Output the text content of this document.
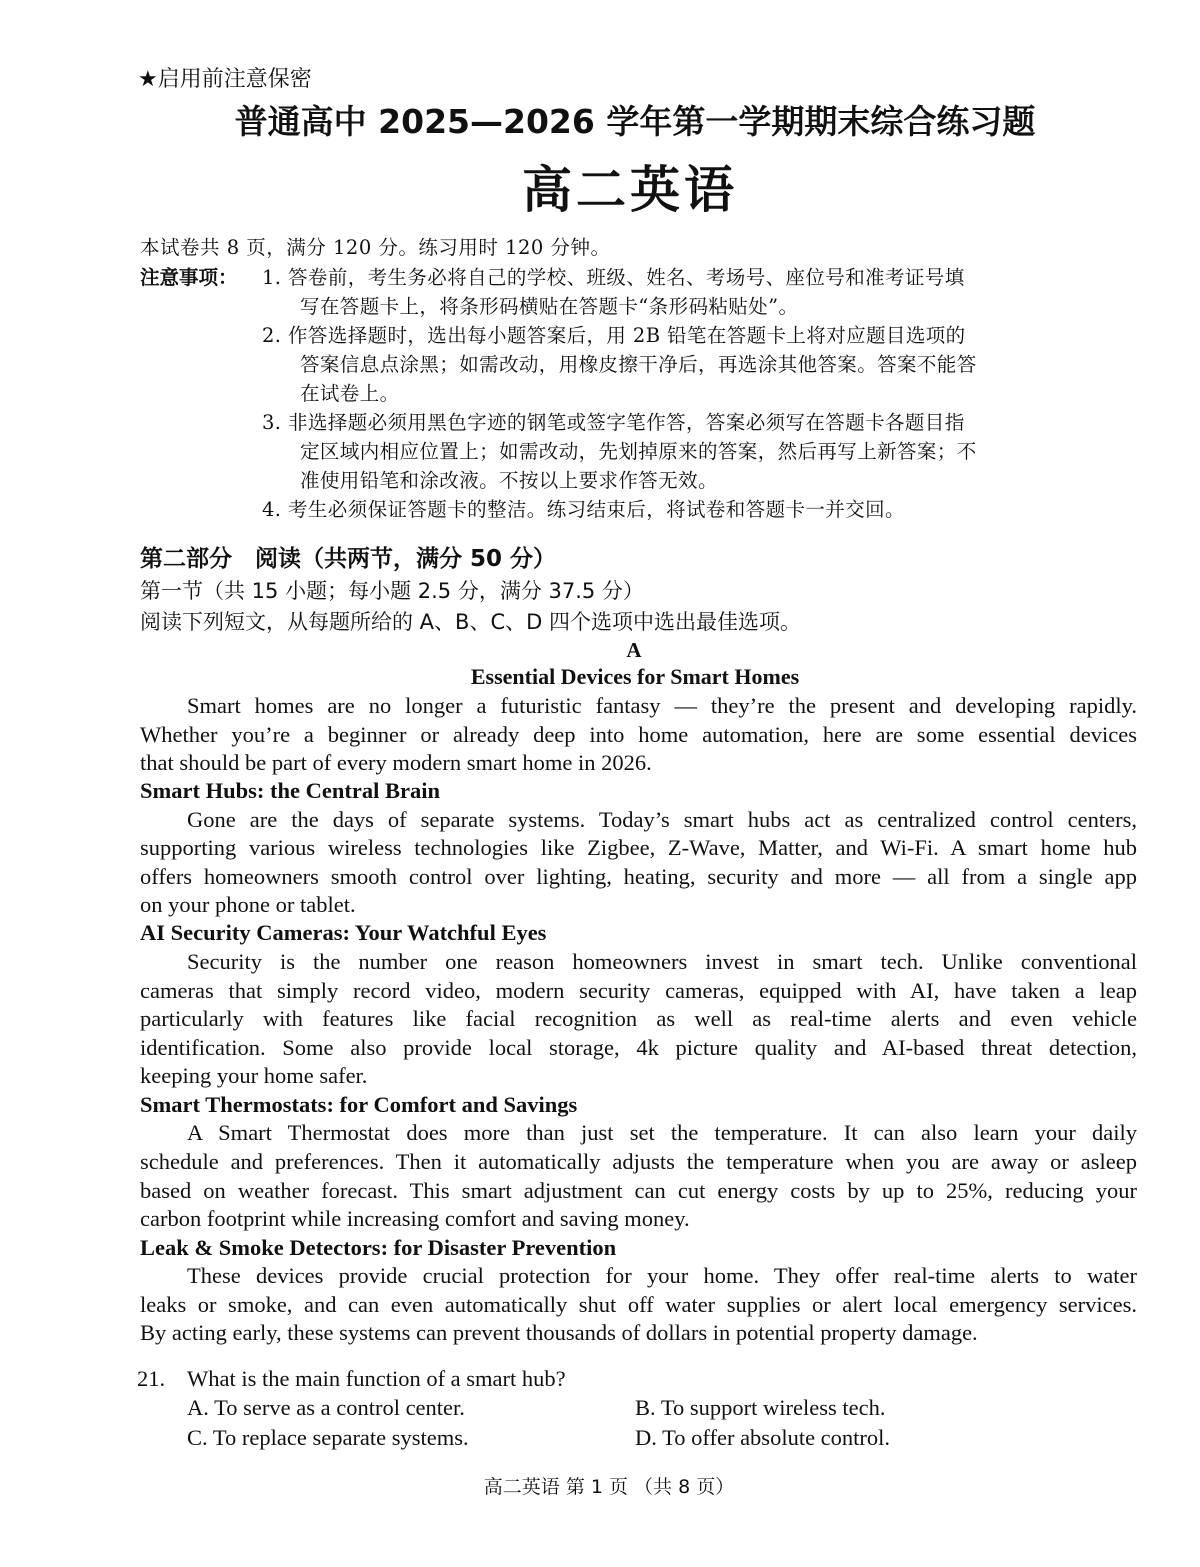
★启用前注意保密
普通高中 2025—2026 学年第一学期期末综合练习题
高二英语
本试卷共 8 页，满分 120 分。练习用时 120 分钟。
注意事项： 1. 答卷前，考生务必将自己的学校、班级、姓名、考场号、座位号和准考证号填
写在答题卡上，将条形码横贴在答题卡“条形码粘贴处”。
2. 作答选择题时，选出每小题答案后，用 2B 铅笔在答题卡上将对应题目选项的
答案信息点涂黑；如需改动，用橡皮擦干净后，再选涂其他答案。答案不能答
在试卷上。
3. 非选择题必须用黑色字迹的钢笔或签字笔作答，答案必须写在答题卡各题目指
定区域内相应位置上；如需改动，先划掉原来的答案，然后再写上新答案；不
准使用铅笔和涂改液。不按以上要求作答无效。
4. 考生必须保证答题卡的整洁。练习结束后，将试卷和答题卡一并交回。
第二部分　阅读（共两节，满分 50 分）
第一节（共 15 小题；每小题 2.5 分，满分 37.5 分）
阅读下列短文，从每题所给的 A、B、C、D 四个选项中选出最佳选项。
A
Essential Devices for Smart Homes
Smart homes are no longer a futuristic fantasy — they’re the present and developing rapidly.
Whether you’re a beginner or already deep into home automation, here are some essential devices
that should be part of every modern smart home in 2026.
Smart Hubs: the Central Brain
Gone are the days of separate systems. Today’s smart hubs act as centralized control centers,
supporting various wireless technologies like Zigbee, Z-Wave, Matter, and Wi-Fi. A smart home hub
offers homeowners smooth control over lighting, heating, security and more — all from a single app
on your phone or tablet.
AI Security Cameras: Your Watchful Eyes
Security is the number one reason homeowners invest in smart tech. Unlike conventional
cameras that simply record video, modern security cameras, equipped with AI, have taken a leap
particularly with features like facial recognition as well as real-time alerts and even vehicle
identification. Some also provide local storage, 4k picture quality and AI-based threat detection,
keeping your home safer.
Smart Thermostats: for Comfort and Savings
A Smart Thermostat does more than just set the temperature. It can also learn your daily
schedule and preferences. Then it automatically adjusts the temperature when you are away or asleep
based on weather forecast. This smart adjustment can cut energy costs by up to 25%, reducing your
carbon footprint while increasing comfort and saving money.
Leak & Smoke Detectors: for Disaster Prevention
These devices provide crucial protection for your home. They offer real-time alerts to water
leaks or smoke, and can even automatically shut off water supplies or alert local emergency services.
By acting early, these systems can prevent thousands of dollars in potential property damage.
21. What is the main function of a smart hub?
A. To serve as a control center.	B. To support wireless tech.
C. To replace separate systems.	D. To offer absolute control.
高二英语 第 1 页 （共 8 页）
